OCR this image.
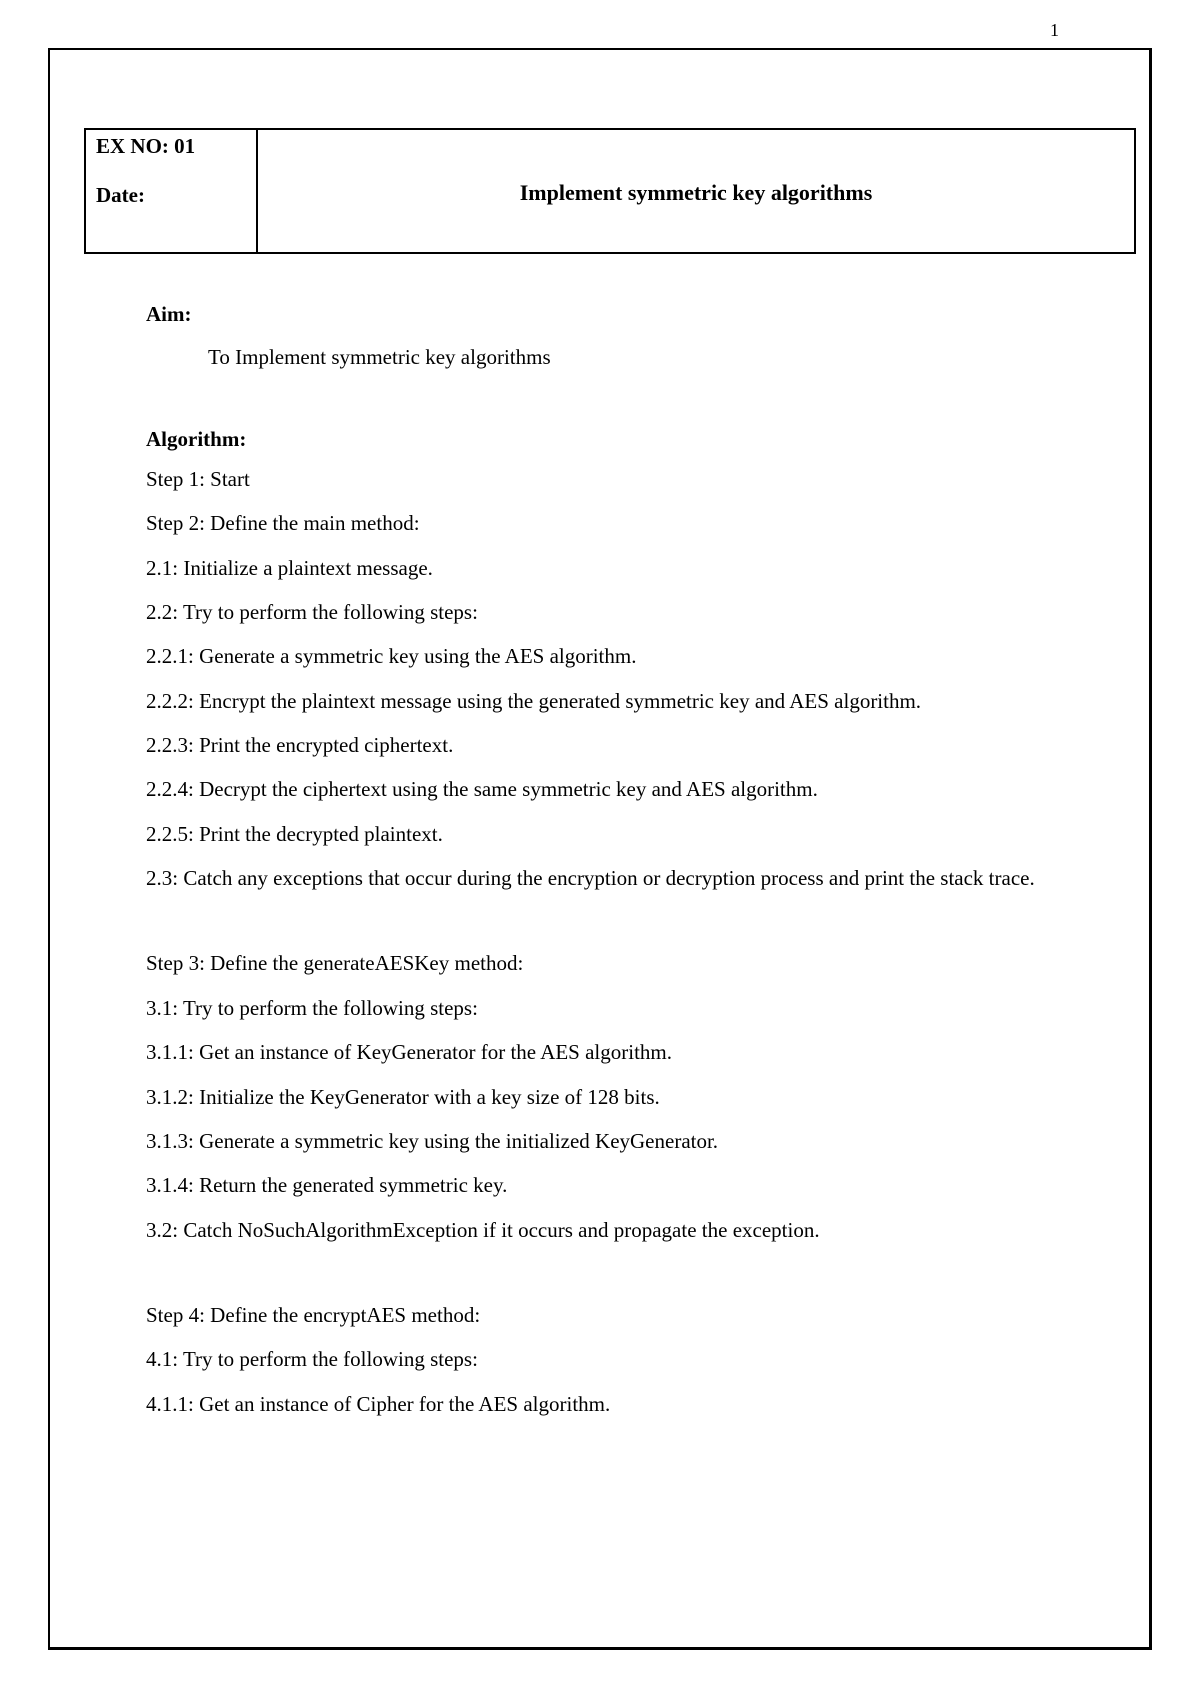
1
EX NO: 01
Date:	Implement symmetric key algorithms
Aim:
To Implement symmetric key algorithms
Algorithm:
Step 1: Start
Step 2: Define the main method:
2.1: Initialize a plaintext message.
2.2: Try to perform the following steps:
2.2.1: Generate a symmetric key using the AES algorithm.
2.2.2: Encrypt the plaintext message using the generated symmetric key and AES algorithm.
2.2.3: Print the encrypted ciphertext.
2.2.4: Decrypt the ciphertext using the same symmetric key and AES algorithm.
2.2.5: Print the decrypted plaintext.
2.3: Catch any exceptions that occur during the encryption or decryption process and print the stack trace.
Step 3: Define the generateAESKey method:
3.1: Try to perform the following steps:
3.1.1: Get an instance of KeyGenerator for the AES algorithm.
3.1.2: Initialize the KeyGenerator with a key size of 128 bits.
3.1.3: Generate a symmetric key using the initialized KeyGenerator.
3.1.4: Return the generated symmetric key.
3.2: Catch NoSuchAlgorithmException if it occurs and propagate the exception.
Step 4: Define the encryptAES method:
4.1: Try to perform the following steps:
4.1.1: Get an instance of Cipher for the AES algorithm.
